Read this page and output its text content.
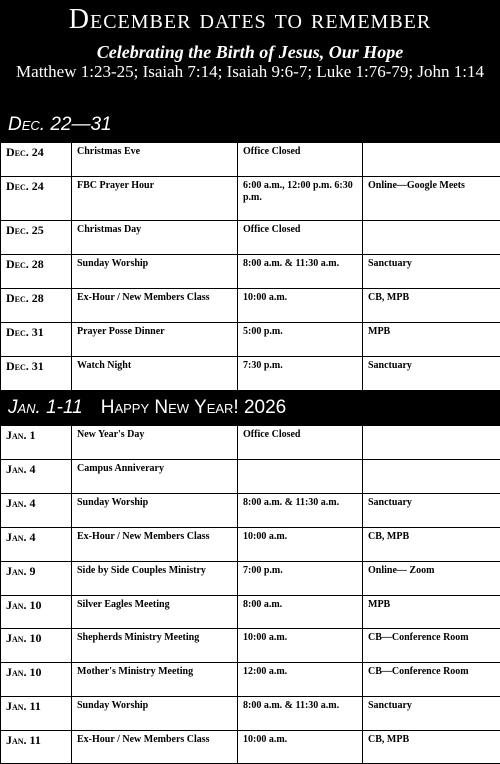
December dates to remember
Celebrating the Birth of Jesus, Our Hope
Matthew 1:23-25; Isaiah 7:14; Isaiah 9:6-7; Luke 1:76-79; John 1:14
Dec. 22—31
Dec. 24	Christmas Eve	Office Closed	
Dec. 24	FBC Prayer Hour	6:00 a.m., 12:00 p.m. 6:30 p.m.	Online—Google Meets
Dec. 25	Christmas Day	Office Closed	
Dec. 28	Sunday Worship	8:00 a.m. & 11:30 a.m.	Sanctuary
Dec. 28	Ex-Hour / New Members Class	10:00 a.m.	CB, MPB
Dec. 31	Prayer Posse Dinner	5:00 p.m.	MPB
Dec. 31	Watch Night	7:30 p.m.	Sanctuary
Jan. 1-11 Happy New Year! 2026
Jan. 1	New Year's Day	Office Closed	
Jan. 4	Campus Anniverary		
Jan. 4	Sunday Worship	8:00 a.m. & 11:30 a.m.	Sanctuary
Jan. 4	Ex-Hour / New Members Class	10:00 a.m.	CB, MPB
Jan. 9	Side by Side Couples Ministry	7:00 p.m.	Online— Zoom
Jan. 10	Silver Eagles Meeting	8:00 a.m.	MPB
Jan. 10	Shepherds Ministry Meeting	10:00 a.m.	CB—Conference Room
Jan. 10	Mother's Ministry Meeting	12:00 a.m.	CB—Conference Room
Jan. 11	Sunday Worship	8:00 a.m. & 11:30 a.m.	Sanctuary
Jan. 11	Ex-Hour / New Members Class	10:00 a.m.	CB, MPB
